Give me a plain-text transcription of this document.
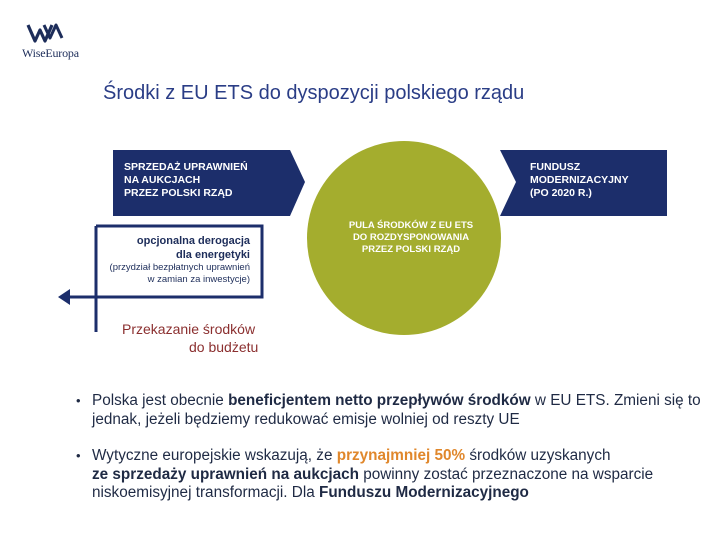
WiseEuropa
Środki z EU ETS do dyspozycji polskiego rządu
SPRZEDAŻ UPRAWNIEŃ
NA AUKCJACH
PRZEZ POLSKI RZĄD
FUNDUSZ
MODERNIZACYJNY
(PO 2020 R.)
PULA ŚRODKÓW Z EU ETS
DO ROZDYSPONOWANIA
PRZEZ POLSKI RZĄD
opcjonalna derogacja
dla energetyki
(przydział bezpłatnych uprawnień
w zamian za inwestycje)
Przekazanie środków
do budżetu
• Polska jest obecnie beneficjentem netto przepływów środków w EU ETS. Zmieni się to jednak, jeżeli będziemy redukować emisje wolniej od reszty UE
• Wytyczne europejskie wskazują, że przynajmniej 50% środków uzyskanych
ze sprzedaży uprawnień na aukcjach powinny zostać przeznaczone na wsparcie niskoemisyjnej transformacji. Dla Funduszu Modernizacyjnego
